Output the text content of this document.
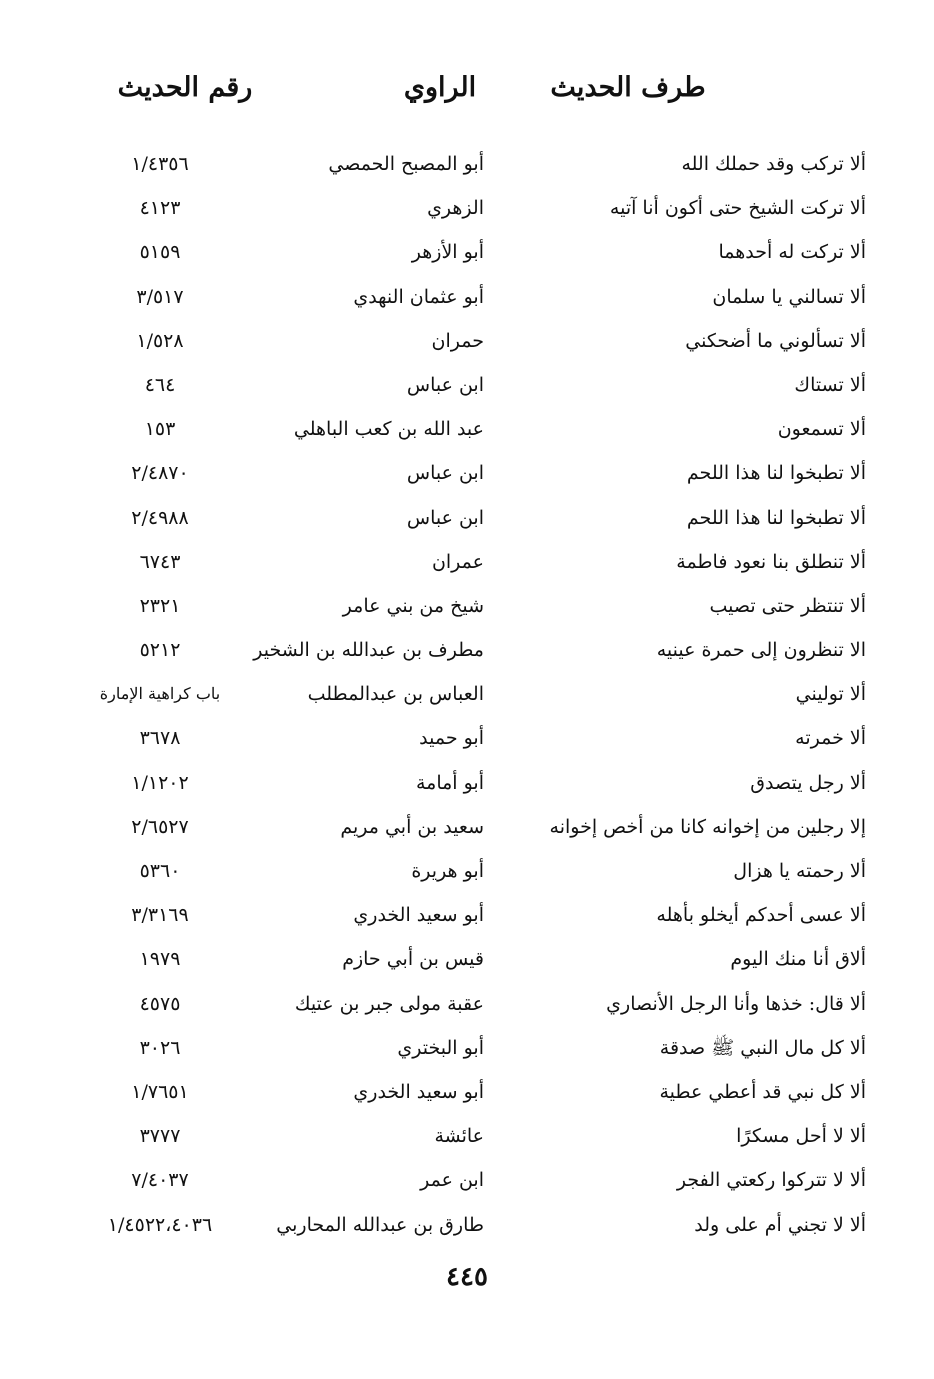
طرف الحديث
الراوي
رقم الحديث
ألا تركب وقد حملك الله
أبو المصبح الحمصي
١/٤٣٥٦
ألا تركت الشيخ حتى أكون أنا آتيه
الزهري
٤١٢٣
ألا تركت له أحدهما
أبو الأزهر
٥١٥٩
ألا تسالني يا سلمان
أبو عثمان النهدي
٣/٥١٧
ألا تسألوني ما أضحكني
حمران
١/٥٢٨
ألا تستاك
ابن عباس
٤٦٤
ألا تسمعون
عبد الله بن كعب الباهلي
١٥٣
ألا تطبخوا لنا هذا اللحم
ابن عباس
٢/٤٨٧٠
ألا تطبخوا لنا هذا اللحم
ابن عباس
٢/٤٩٨٨
ألا تنطلق بنا نعود فاطمة
عمران
٦٧٤٣
ألا تنتظر حتى تصيب
شيخ من بني عامر
٢٣٢١
الا تنظرون إلى حمرة عينيه
مطرف بن عبدالله بن الشخير
٥٢١٢
ألا توليني
العباس بن عبدالمطلب
باب كراهية الإمارة
ألا خمرته
أبو حميد
٣٦٧٨
ألا رجل يتصدق
أبو أمامة
١/١٢٠٢
إلا رجلين من إخوانه كانا من أخص إخوانه
سعيد بن أبي مريم
٢/٦٥٢٧
ألا رحمته يا هزال
أبو هريرة
٥٣٦٠
ألا عسى أحدكم أيخلو بأهله
أبو سعيد الخدري
٣/٣١٦٩
ألاق أنا منك اليوم
قيس بن أبي حازم
١٩٧٩
ألا قال: خذها وأنا الرجل الأنصاري
عقبة مولى جبر بن عتيك
٤٥٧٥
ألا كل مال النبي ﷺ صدقة
أبو البختري
٣٠٢٦
ألا كل نبي قد أعطي عطية
أبو سعيد الخدري
١/٧٦٥١
ألا لا أحل مسكرًا
عائشة
٣٧٧٧
ألا لا تتركوا ركعتي الفجر
ابن عمر
٧/٤٠٣٧
ألا لا تجني أم على ولد
طارق بن عبدالله المحاربي
١/٤٥٢٢،٤٠٣٦
٤٤٥
